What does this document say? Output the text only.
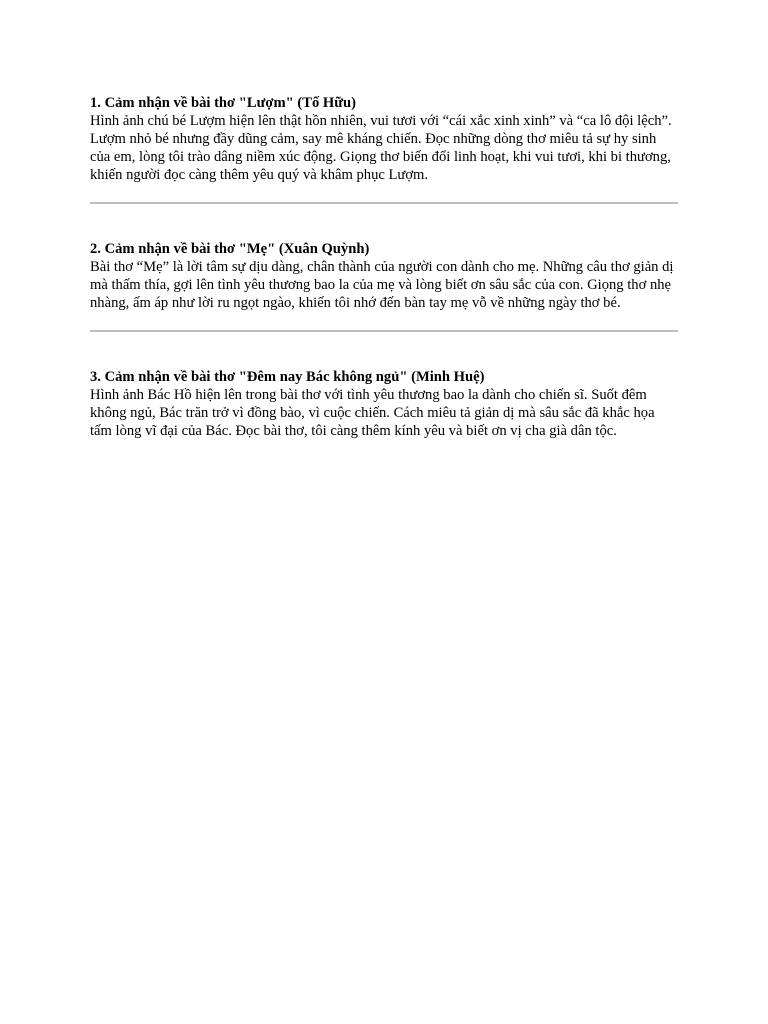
1. Cảm nhận về bài thơ "Lượm" (Tố Hữu)

Hình ảnh chú bé Lượm hiện lên thật hồn nhiên, vui tươi với “cái xắc xinh xinh” và “ca lô đội lệch”. Lượm nhỏ bé nhưng đầy dũng cảm, say mê kháng chiến. Đọc những dòng thơ miêu tả sự hy sinh của em, lòng tôi trào dâng niềm xúc động. Giọng thơ biến đổi linh hoạt, khi vui tươi, khi bi thương, khiến người đọc càng thêm yêu quý và khâm phục Lượm.

2. Cảm nhận về bài thơ "Mẹ" (Xuân Quỳnh)

Bài thơ “Mẹ” là lời tâm sự dịu dàng, chân thành của người con dành cho mẹ. Những câu thơ giản dị mà thấm thía, gợi lên tình yêu thương bao la của mẹ và lòng biết ơn sâu sắc của con. Giọng thơ nhẹ nhàng, ấm áp như lời ru ngọt ngào, khiến tôi nhớ đến bàn tay mẹ vỗ về những ngày thơ bé.

3. Cảm nhận về bài thơ "Đêm nay Bác không ngủ" (Minh Huệ)

Hình ảnh Bác Hồ hiện lên trong bài thơ với tình yêu thương bao la dành cho chiến sĩ. Suốt đêm không ngủ, Bác trăn trở vì đồng bào, vì cuộc chiến. Cách miêu tả giản dị mà sâu sắc đã khắc họa tấm lòng vĩ đại của Bác. Đọc bài thơ, tôi càng thêm kính yêu và biết ơn vị cha già dân tộc.
